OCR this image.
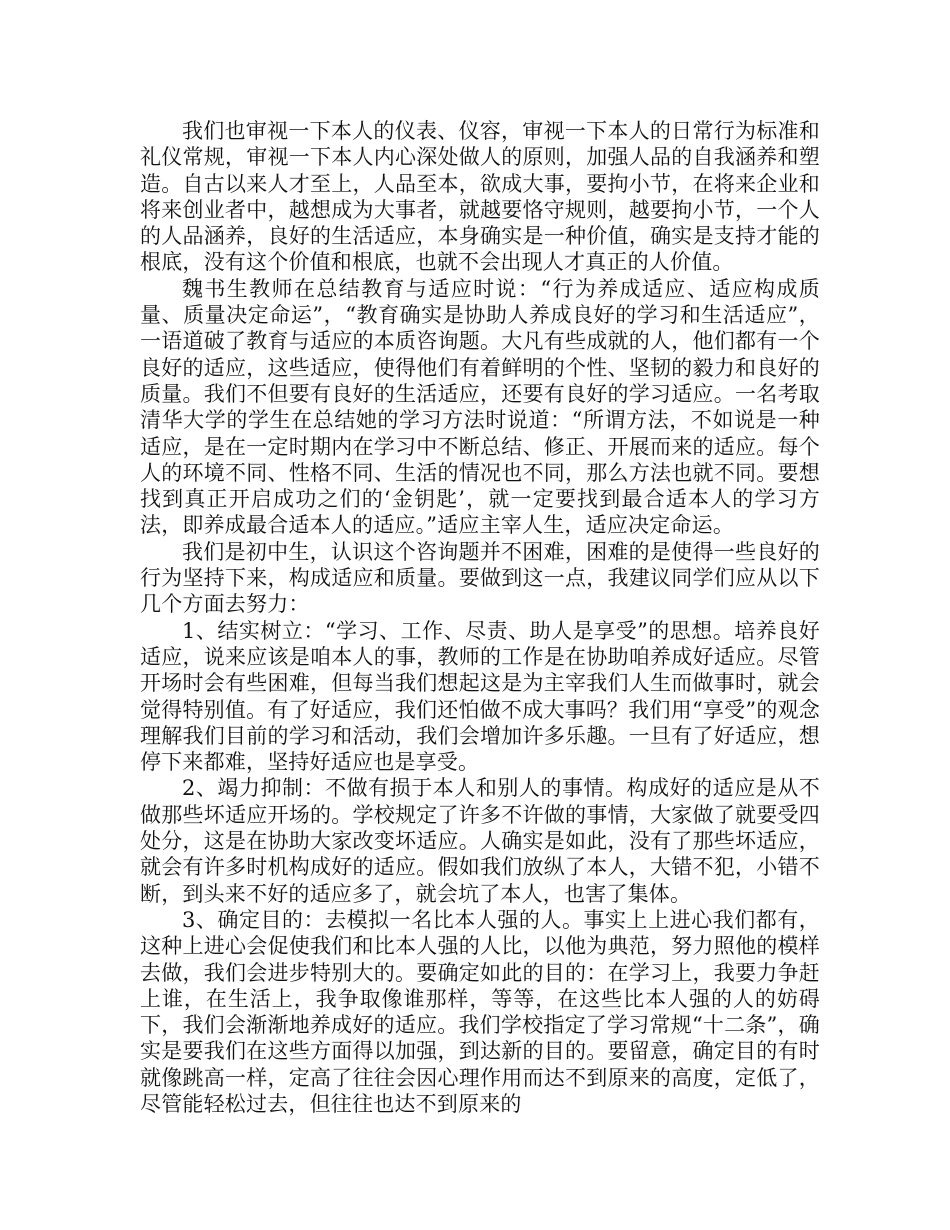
我们也审视一下本人的仪表、仪容，审视一下本人的日常行为标准和礼仪常规，审视一下本人内心深处做人的原则，加强人品的自我涵养和塑造。自古以来人才至上，人品至本，欲成大事，要拘小节，在将来企业和将来创业者中，越想成为大事者，就越要恪守规则，越要拘小节，一个人的人品涵养，良好的生活适应，本身确实是一种价值，确实是支持才能的根底，没有这个价值和根底，也就不会出现人才真正的人价值。

魏书生教师在总结教育与适应时说：“行为养成适应、适应构成质量、质量决定命运”，“教育确实是协助人养成良好的学习和生活适应”，一语道破了教育与适应的本质咨询题。大凡有些成就的人，他们都有一个良好的适应，这些适应，使得他们有着鲜明的个性、坚韧的毅力和良好的质量。我们不但要有良好的生活适应，还要有良好的学习适应。一名考取清华大学的学生在总结她的学习方法时说道：“所谓方法，不如说是一种适应，是在一定时期内在学习中不断总结、修正、开展而来的适应。每个人的环境不同、性格不同、生活的情况也不同，那么方法也就不同。要想找到真正开启成功之们的‘金钥匙’，就一定要找到最合适本人的学习方法，即养成最合适本人的适应。”适应主宰人生，适应决定命运。

我们是初中生，认识这个咨询题并不困难，困难的是使得一些良好的行为坚持下来，构成适应和质量。要做到这一点，我建议同学们应从以下几个方面去努力：

1、结实树立：“学习、工作、尽责、助人是享受”的思想。培养良好适应，说来应该是咱本人的事，教师的工作是在协助咱养成好适应。尽管开场时会有些困难，但每当我们想起这是为主宰我们人生而做事时，就会觉得特别值。有了好适应，我们还怕做不成大事吗？我们用“享受”的观念理解我们目前的学习和活动，我们会增加许多乐趣。一旦有了好适应，想停下来都难，坚持好适应也是享受。

2、竭力抑制：不做有损于本人和别人的事情。构成好的适应是从不做那些坏适应开场的。学校规定了许多不许做的事情，大家做了就要受四处分，这是在协助大家改变坏适应。人确实是如此，没有了那些坏适应，就会有许多时机构成好的适应。假如我们放纵了本人，大错不犯，小错不断，到头来不好的适应多了，就会坑了本人，也害了集体。

3、确定目的：去模拟一名比本人强的人。事实上上进心我们都有，这种上进心会促使我们和比本人强的人比，以他为典范，努力照他的模样去做，我们会进步特别大的。要确定如此的目的：在学习上，我要力争赶上谁，在生活上，我争取像谁那样，等等，在这些比本人强的人的妨碍下，我们会渐渐地养成好的适应。我们学校指定了学习常规“十二条”，确实是要我们在这些方面得以加强，到达新的目的。要留意，确定目的有时就像跳高一样，定高了往往会因心理作用而达不到原来的高度，定低了，尽管能轻松过去，但往往也达不到原来的
